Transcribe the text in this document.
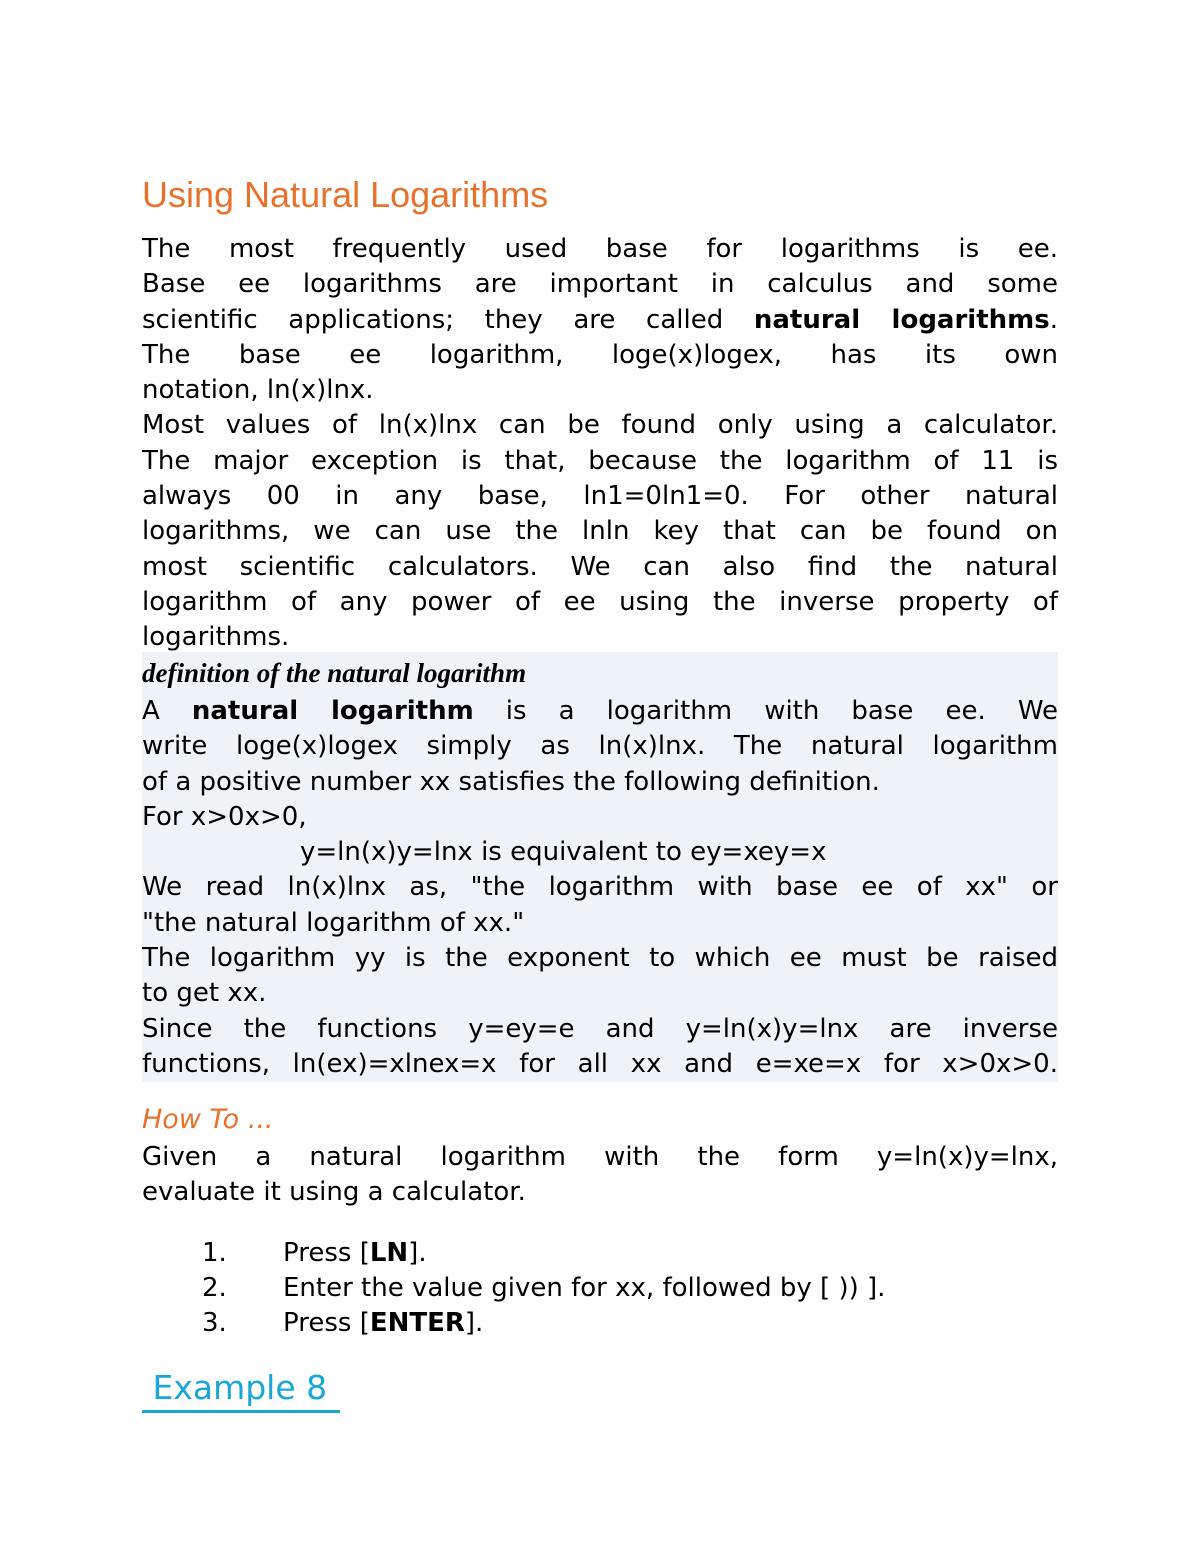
Using Natural Logarithms
The most frequently used base for logarithms is ee.
Base ee logarithms are important in calculus and some
scientific applications; they are called natural logarithms.
The base ee logarithm, loge(x)logex, has its own
notation, ln(x)lnx.
Most values of ln(x)lnx can be found only using a calculator.
The major exception is that, because the logarithm of 11 is
always 00 in any base, ln1=0ln1=0. For other natural
logarithms, we can use the lnln key that can be found on
most scientific calculators. We can also find the natural
logarithm of any power of ee using the inverse property of
logarithms.
definition of the natural logarithm
A natural logarithm is a logarithm with base ee. We
write loge(x)logex simply as ln(x)lnx. The natural logarithm
of a positive number xx satisfies the following definition.
For x>0x>0,
y=ln(x)y=lnx is equivalent to ey=xey=x
We read ln(x)lnx as, "the logarithm with base ee of xx" or
"the natural logarithm of xx."
The logarithm yy is the exponent to which ee must be raised
to get xx.
Since the functions y=ey=e and y=ln(x)y=lnx are inverse
functions, ln(ex)=xlnex=x for all xx and e=xe=x for x>0x>0.
How To ...
Given a natural logarithm with the form y=ln(x)y=lnx,
evaluate it using a calculator.
1. Press [LN].
2. Enter the value given for xx, followed by [ )) ].
3. Press [ENTER].
Example 8
